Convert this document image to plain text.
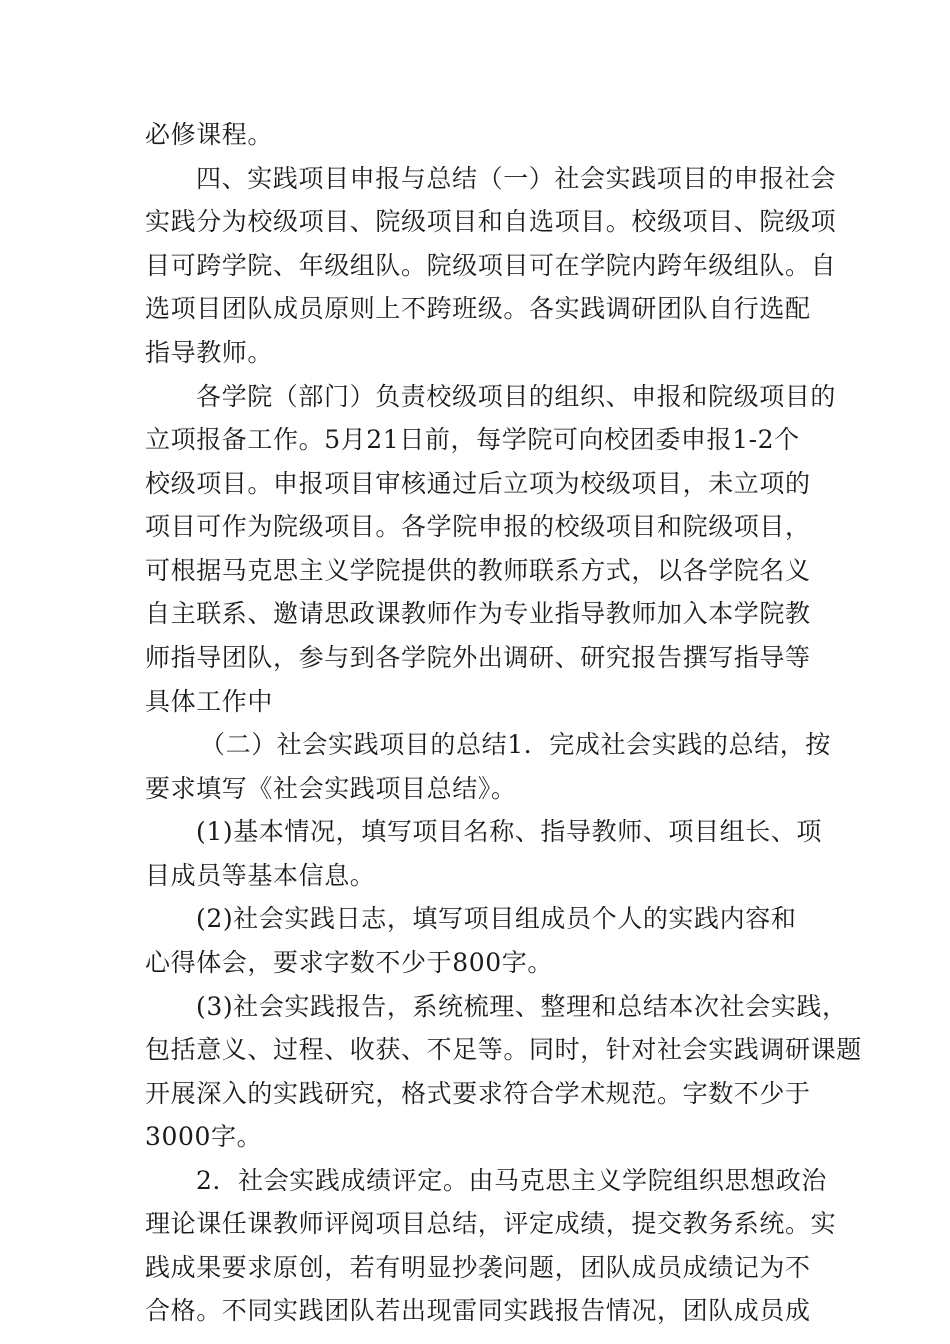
必修课程。
四、实践项目申报与总结（一）社会实践项目的申报社会
实践分为校级项目、院级项目和自选项目。校级项目、院级项
目可跨学院、年级组队。院级项目可在学院内跨年级组队。自
选项目团队成员原则上不跨班级。各实践调研团队自行选配
指导教师。
各学院（部门）负责校级项目的组织、申报和院级项目的
立项报备工作。5月21日前，每学院可向校团委申报1-2个
校级项目。申报项目审核通过后立项为校级项目，未立项的
项目可作为院级项目。各学院申报的校级项目和院级项目，
可根据马克思主义学院提供的教师联系方式，以各学院名义
自主联系、邀请思政课教师作为专业指导教师加入本学院教
师指导团队，参与到各学院外出调研、研究报告撰写指导等
具体工作中
（二）社会实践项目的总结1．完成社会实践的总结，按
要求填写《社会实践项目总结》。
(1)基本情况，填写项目名称、指导教师、项目组长、项
目成员等基本信息。
(2)社会实践日志，填写项目组成员个人的实践内容和
心得体会，要求字数不少于800字。
(3)社会实践报告，系统梳理、整理和总结本次社会实践，
包括意义、过程、收获、不足等。同时，针对社会实践调研课题
开展深入的实践研究，格式要求符合学术规范。字数不少于
3000字。
2．社会实践成绩评定。由马克思主义学院组织思想政治
理论课任课教师评阅项目总结，评定成绩，提交教务系统。实
践成果要求原创，若有明显抄袭问题，团队成员成绩记为不
合格。不同实践团队若出现雷同实践报告情况，团队成员成
